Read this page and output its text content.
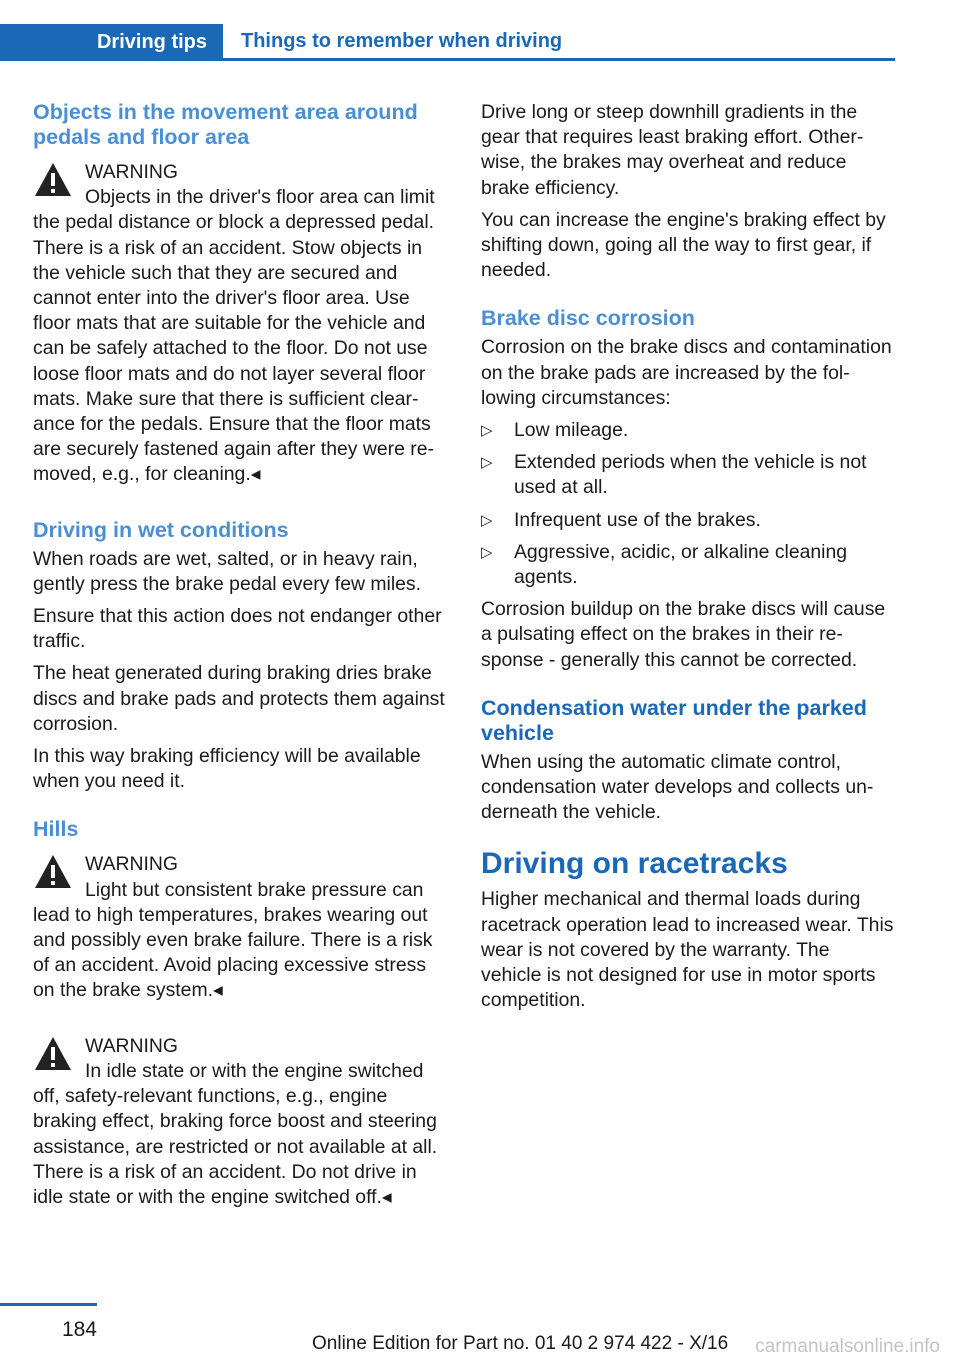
Driving tips	Things to remember when driving
Objects in the movement area around pedals and floor area
WARNING
Objects in the driver's floor area can limit the pedal distance or block a depressed pedal. There is a risk of an accident. Stow objects in the vehicle such that they are secured and cannot enter into the driver's floor area. Use floor mats that are suitable for the vehicle and can be safely attached to the floor. Do not use loose floor mats and do not layer several floor mats. Make sure that there is sufficient clearance for the pedals. Ensure that the floor mats are securely fastened again after they were removed, e.g., for cleaning.◂
Driving in wet conditions

When roads are wet, salted, or in heavy rain, gently press the brake pedal every few miles.

Ensure that this action does not endanger other traffic.

The heat generated during braking dries brake discs and brake pads and protects them against corrosion.

In this way braking efficiency will be available when you need it.

Hills
WARNING
Light but consistent brake pressure can lead to high temperatures, brakes wearing out and possibly even brake failure. There is a risk of an accident. Avoid placing excessive stress on the brake system.◂
WARNING
In idle state or with the engine switched off, safety-relevant functions, e.g., engine braking effect, braking force boost and steering assistance, are restricted or not available at all. There is a risk of an accident. Do not drive in idle state or with the engine switched off.◂

Drive long or steep downhill gradients in the gear that requires least braking effort. Otherwise, the brakes may overheat and reduce brake efficiency.

You can increase the engine's braking effect by shifting down, going all the way to first gear, if needed.

Brake disc corrosion

Corrosion on the brake discs and contamination on the brake pads are increased by the following circumstances:

▷ Low mileage.
▷ Extended periods when the vehicle is not used at all.
▷ Infrequent use of the brakes.
▷ Aggressive, acidic, or alkaline cleaning agents.

Corrosion buildup on the brake discs will cause a pulsating effect on the brakes in their response - generally this cannot be corrected.

Condensation water under the parked vehicle

When using the automatic climate control, condensation water develops and collects underneath the vehicle.

Driving on racetracks

Higher mechanical and thermal loads during racetrack operation lead to increased wear. This wear is not covered by the warranty. The vehicle is not designed for use in motor sports competition.

184
Online Edition for Part no. 01 40 2 974 422 - X/16 carmanualsonline.info
